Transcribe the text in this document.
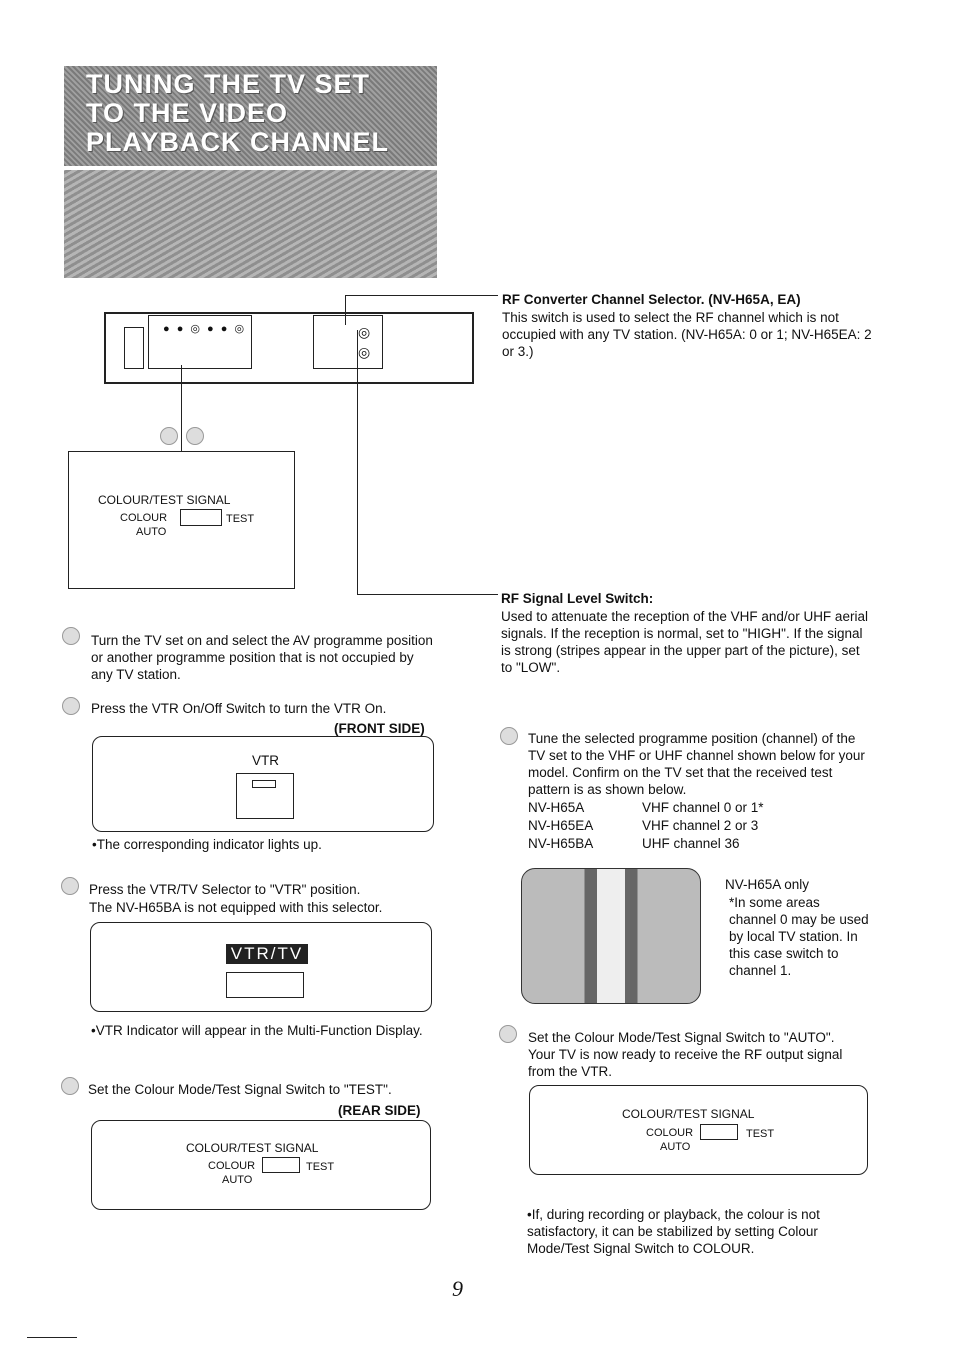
TUNING THE TV SET TO THE VIDEO PLAYBACK CHANNEL
● ● ◎ ● ● ◎	◎
◎
RF Converter Channel Selector. (NV-H65A, EA)
This switch is used to select the RF channel which is not occupied with any TV station. (NV-H65A: 0 or 1; NV-H65EA: 2 or 3.)
COLOUR/TEST SIGNAL
COLOUR	TEST
AUTO
RF Signal Level Switch:
Used to attenuate the reception of the VHF and/or UHF aerial signals. If the reception is normal, set to "HIGH". If the signal is strong (stripes appear in the upper part of the picture), set to "LOW".
Turn the TV set on and select the AV programme position or another programme position that is not occupied by any TV station.
Press the VTR On/Off Switch to turn the VTR On.
(FRONT SIDE)
VTR
•The corresponding indicator lights up.
Press the VTR/TV Selector to "VTR" position.
The NV-H65BA is not equipped with this selector.
VTR/TV
•VTR Indicator will appear in the Multi-Function Display.
Set the Colour Mode/Test Signal Switch to "TEST".
(REAR SIDE)
COLOUR/TEST SIGNAL
COLOUR	TEST
AUTO
Tune the selected programme position (channel) of the TV set to the VHF or UHF channel shown below for your model. Confirm on the TV set that the received test pattern is as shown below.
NV-H65A	VHF channel 0 or 1*
NV-H65EA	VHF channel 2 or 3
NV-H65BA	UHF channel 36
NV-H65A only
*In some areas channel 0 may be used by local TV station. In this case switch to channel 1.
Set the Colour Mode/Test Signal Switch to "AUTO".
Your TV is now ready to receive the RF output signal from the VTR.
COLOUR/TEST SIGNAL
COLOUR	TEST
AUTO
•If, during recording or playback, the colour is not satisfactory, it can be stabilized by setting Colour Mode/Test Signal Switch to COLOUR.
9
